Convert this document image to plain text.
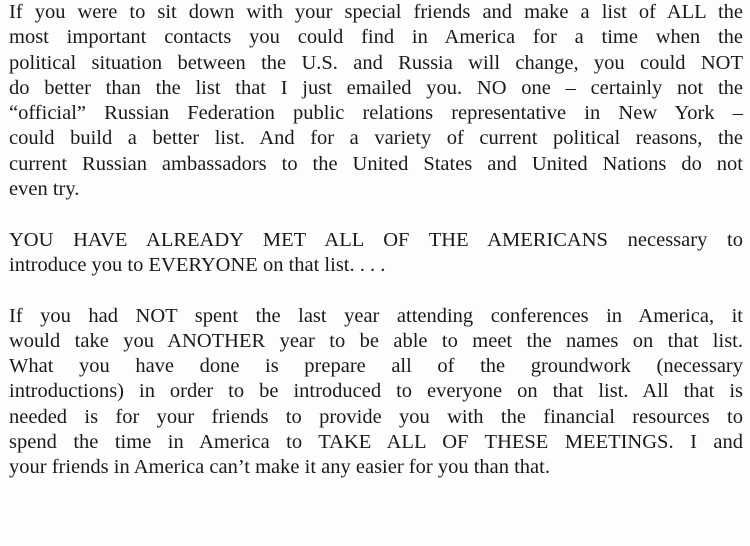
If you were to sit down with your special friends and make a list of ALL the
most important contacts you could find in America for a time when the
political situation between the U.S. and Russia will change, you could NOT
do better than the list that I just emailed you. NO one – certainly not the
“official” Russian Federation public relations representative in New York –
could build a better list. And for a variety of current political reasons, the
current Russian ambassadors to the United States and United Nations do not
even try.
YOU HAVE ALREADY MET ALL OF THE AMERICANS necessary to
introduce you to EVERYONE on that list. . . .
If you had NOT spent the last year attending conferences in America, it
would take you ANOTHER year to be able to meet the names on that list.
What you have done is prepare all of the groundwork (necessary
introductions) in order to be introduced to everyone on that list. All that is
needed is for your friends to provide you with the financial resources to
spend the time in America to TAKE ALL OF THESE MEETINGS. I and
your friends in America can’t make it any easier for you than that.
